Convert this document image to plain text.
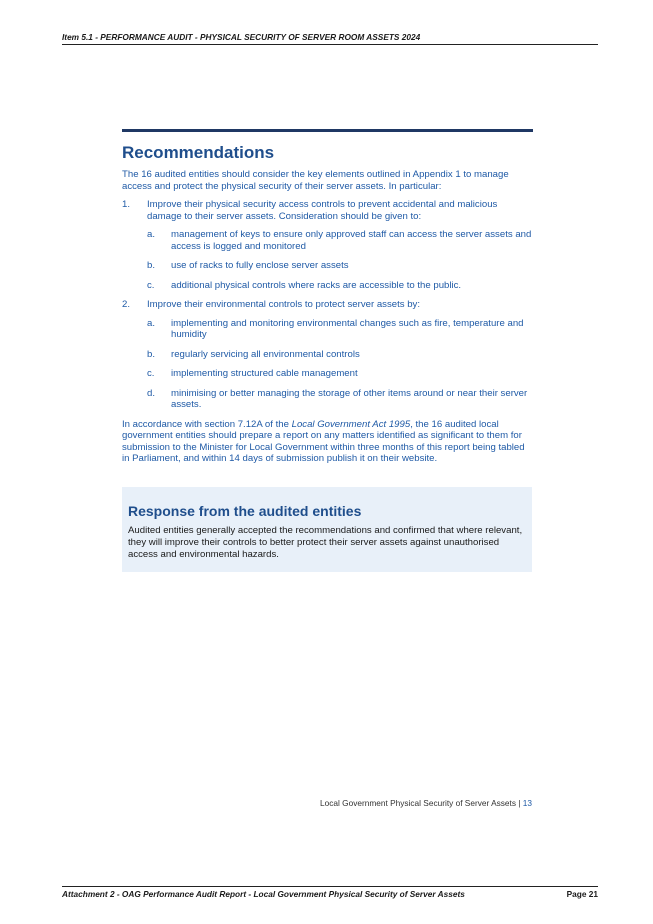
Item 5.1 - PERFORMANCE AUDIT - PHYSICAL SECURITY OF SERVER ROOM ASSETS 2024
Recommendations

The 16 audited entities should consider the key elements outlined in Appendix 1 to manage access and protect the physical security of their server assets. In particular:

1.	Improve their physical security access controls to prevent accidental and malicious damage to their server assets. Consideration should be given to:
a.	management of keys to ensure only approved staff can access the server assets and access is logged and monitored
b.	use of racks to fully enclose server assets
c.	additional physical controls where racks are accessible to the public.
2.	Improve their environmental controls to protect server assets by:
a.	implementing and monitoring environmental changes such as fire, temperature and humidity
b.	regularly servicing all environmental controls
c.	implementing structured cable management
d.	minimising or better managing the storage of other items around or near their server assets.

In accordance with section 7.12A of the Local Government Act 1995, the 16 audited local government entities should prepare a report on any matters identified as significant to them for submission to the Minister for Local Government within three months of this report being tabled in Parliament, and within 14 days of submission publish it on their website.

Response from the audited entities
Audited entities generally accepted the recommendations and confirmed that where relevant, they will improve their controls to better protect their server assets against unauthorised access and environmental hazards.
Local Government Physical Security of Server Assets | 13
Attachment 2 - OAG Performance Audit Report - Local Government Physical Security of Server Assets	Page 21
